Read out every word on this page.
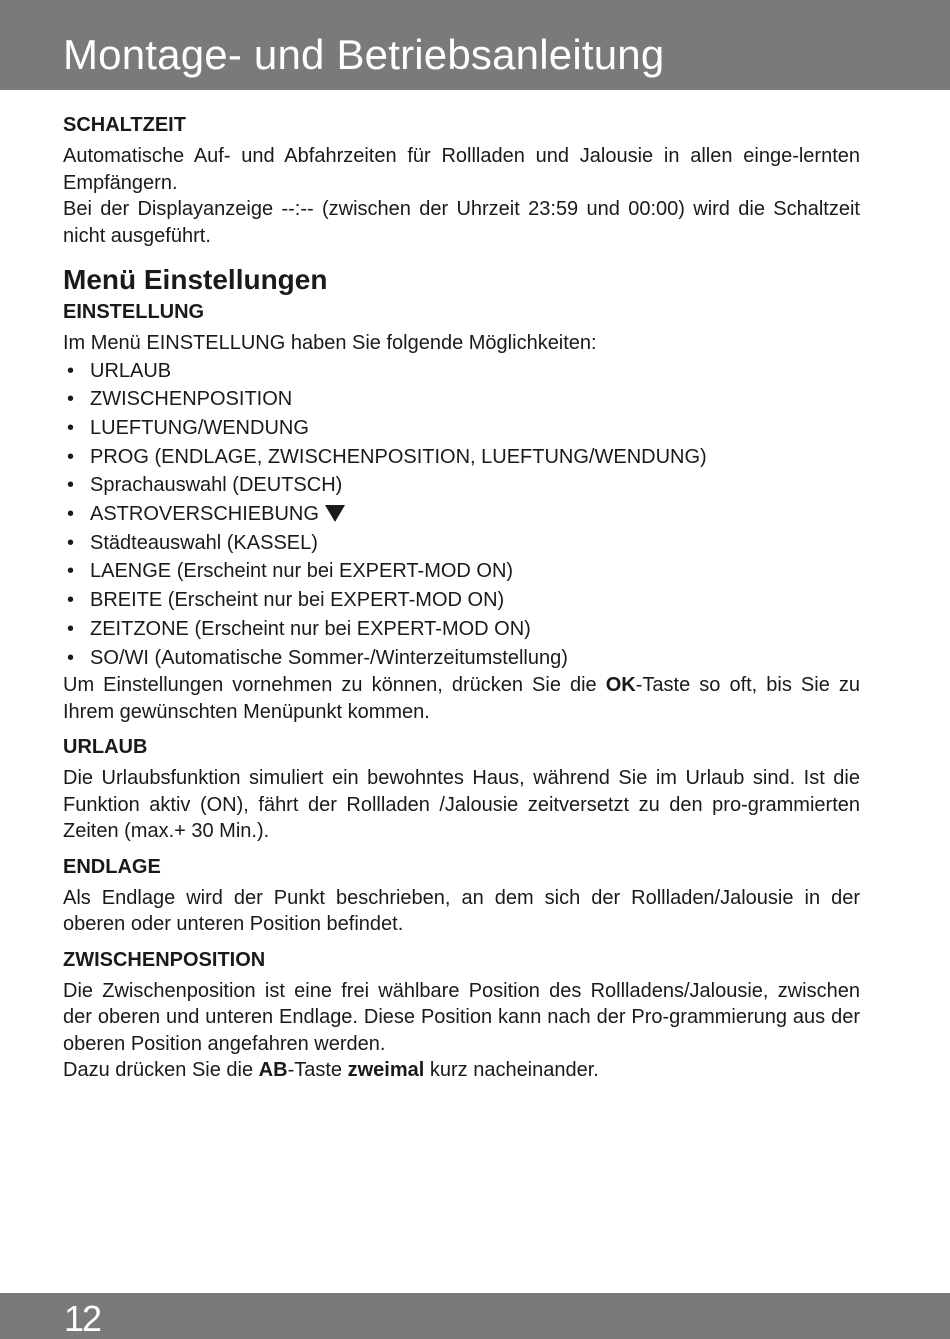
Montage- und Betriebsanleitung
SCHALTZEIT

Automatische Auf- und Abfahrzeiten für Rollladen und Jalousie in allen einge-lernten Empfängern.

Bei der Displayanzeige --:-- (zwischen der Uhrzeit 23:59 und 00:00) wird die Schaltzeit nicht ausgeführt.

Menü Einstellungen
EINSTELLUNG

Im Menü EINSTELLUNG haben Sie folgende Möglichkeiten:

• URLAUB
• ZWISCHENPOSITION
• LUEFTUNG/WENDUNG
• PROG (ENDLAGE, ZWISCHENPOSITION, LUEFTUNG/WENDUNG)
• Sprachauswahl (DEUTSCH)
• ASTROVERSCHIEBUNG
• Städteauswahl (KASSEL)
• LAENGE (Erscheint nur bei EXPERT-MOD ON)
• BREITE (Erscheint nur bei EXPERT-MOD ON)
• ZEITZONE (Erscheint nur bei EXPERT-MOD ON)
• SO/WI (Automatische Sommer-/Winterzeitumstellung)

Um Einstellungen vornehmen zu können, drücken Sie die OK-Taste so oft, bis Sie zu Ihrem gewünschten Menüpunkt kommen.

URLAUB

Die Urlaubsfunktion simuliert ein bewohntes Haus, während Sie im Urlaub sind. Ist die Funktion aktiv (ON), fährt der Rollladen /Jalousie zeitversetzt zu den pro-grammierten Zeiten (max.+ 30 Min.).

ENDLAGE

Als Endlage wird der Punkt beschrieben, an dem sich der Rollladen/Jalousie in der oberen oder unteren Position befindet.

ZWISCHENPOSITION

Die Zwischenposition ist eine frei wählbare Position des Rollladens/Jalousie, zwischen der oberen und unteren Endlage. Diese Position kann nach der Pro-grammierung aus der oberen Position angefahren werden.

Dazu drücken Sie die AB-Taste zweimal kurz nacheinander.

12
